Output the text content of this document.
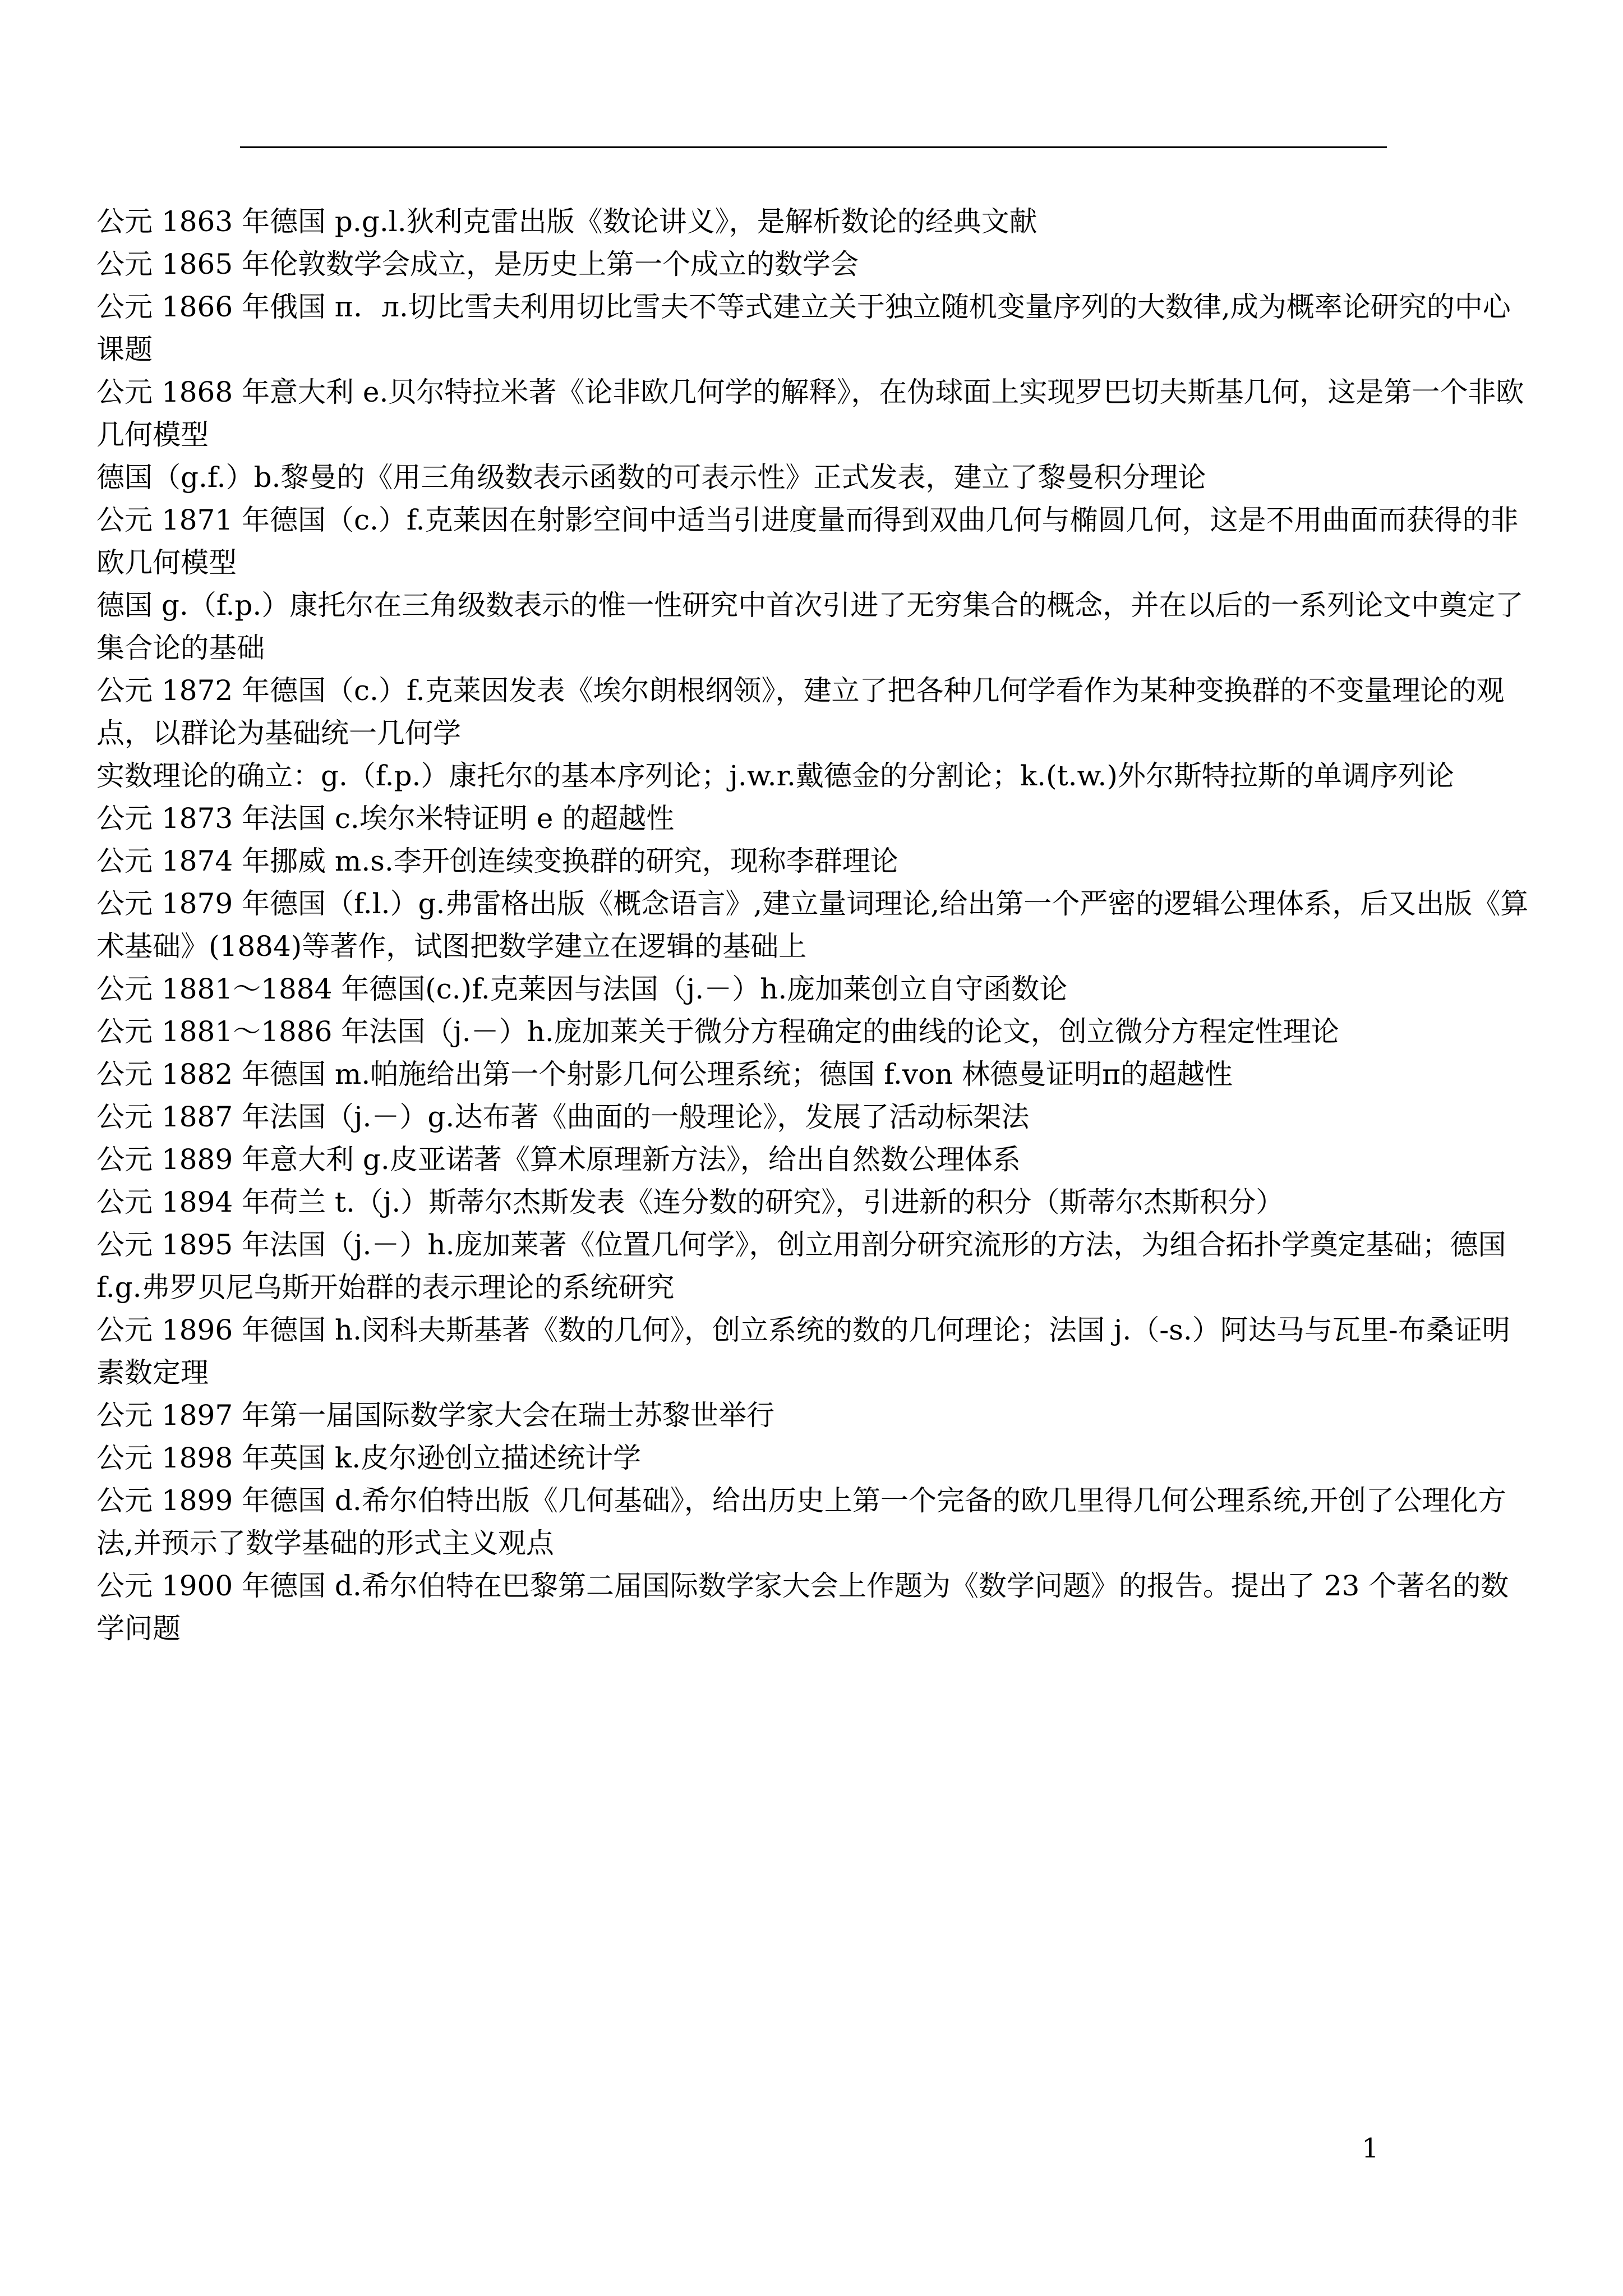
公元 1863 年德国 p.g.l.狄利克雷出版《数论讲义》，是解析数论的经典文献

公元 1865 年伦敦数学会成立，是历史上第一个成立的数学会

公元 1866 年俄国 п．л.切比雪夫利用切比雪夫不等式建立关于独立随机变量序列的大数律,成为概率论研究的中心课题

公元 1868 年意大利 e.贝尔特拉米著《论非欧几何学的解释》，在伪球面上实现罗巴切夫斯基几何，这是第一个非欧几何模型

德国（g.f.）b.黎曼的《用三角级数表示函数的可表示性》正式发表，建立了黎曼积分理论

公元 1871 年德国（c.）f.克莱因在射影空间中适当引进度量而得到双曲几何与椭圆几何，这是不用曲面而获得的非欧几何模型

德国 g.（f.p.）康托尔在三角级数表示的惟一性研究中首次引进了无穷集合的概念，并在以后的一系列论文中奠定了集合论的基础

公元 1872 年德国（c.）f.克莱因发表《埃尔朗根纲领》，建立了把各种几何学看作为某种变换群的不变量理论的观点，以群论为基础统一几何学

实数理论的确立：g.（f.p.）康托尔的基本序列论；j.w.r.戴德金的分割论；k.(t.w.)外尔斯特拉斯的单调序列论

公元 1873 年法国 c.埃尔米特证明 e 的超越性

公元 1874 年挪威 m.s.李开创连续变换群的研究，现称李群理论

公元 1879 年德国（f.l.）g.弗雷格出版《概念语言》,建立量词理论,给出第一个严密的逻辑公理体系，后又出版《算术基础》(1884)等著作，试图把数学建立在逻辑的基础上

公元 1881～1884 年德国(c.)f.克莱因与法国（j.－）h.庞加莱创立自守函数论

公元 1881～1886 年法国（j.－）h.庞加莱关于微分方程确定的曲线的论文，创立微分方程定性理论

公元 1882 年德国 m.帕施给出第一个射影几何公理系统；德国 f.von 林德曼证明π的超越性

公元 1887 年法国（j.－）g.达布著《曲面的一般理论》，发展了活动标架法

公元 1889 年意大利 g.皮亚诺著《算术原理新方法》，给出自然数公理体系

公元 1894 年荷兰 t.（j.）斯蒂尔杰斯发表《连分数的研究》，引进新的积分（斯蒂尔杰斯积分）

公元 1895 年法国（j.－）h.庞加莱著《位置几何学》，创立用剖分研究流形的方法，为组合拓扑学奠定基础；德国 f.g.弗罗贝尼乌斯开始群的表示理论的系统研究

公元 1896 年德国 h.闵科夫斯基著《数的几何》，创立系统的数的几何理论；法国 j.（-s.）阿达马与瓦里-布桑证明素数定理

公元 1897 年第一届国际数学家大会在瑞士苏黎世举行

公元 1898 年英国 k.皮尔逊创立描述统计学

公元 1899 年德国 d.希尔伯特出版《几何基础》，给出历史上第一个完备的欧几里得几何公理系统,开创了公理化方法,并预示了数学基础的形式主义观点

公元 1900 年德国 d.希尔伯特在巴黎第二届国际数学家大会上作题为《数学问题》的报告。提出了 23 个著名的数学问题

1
